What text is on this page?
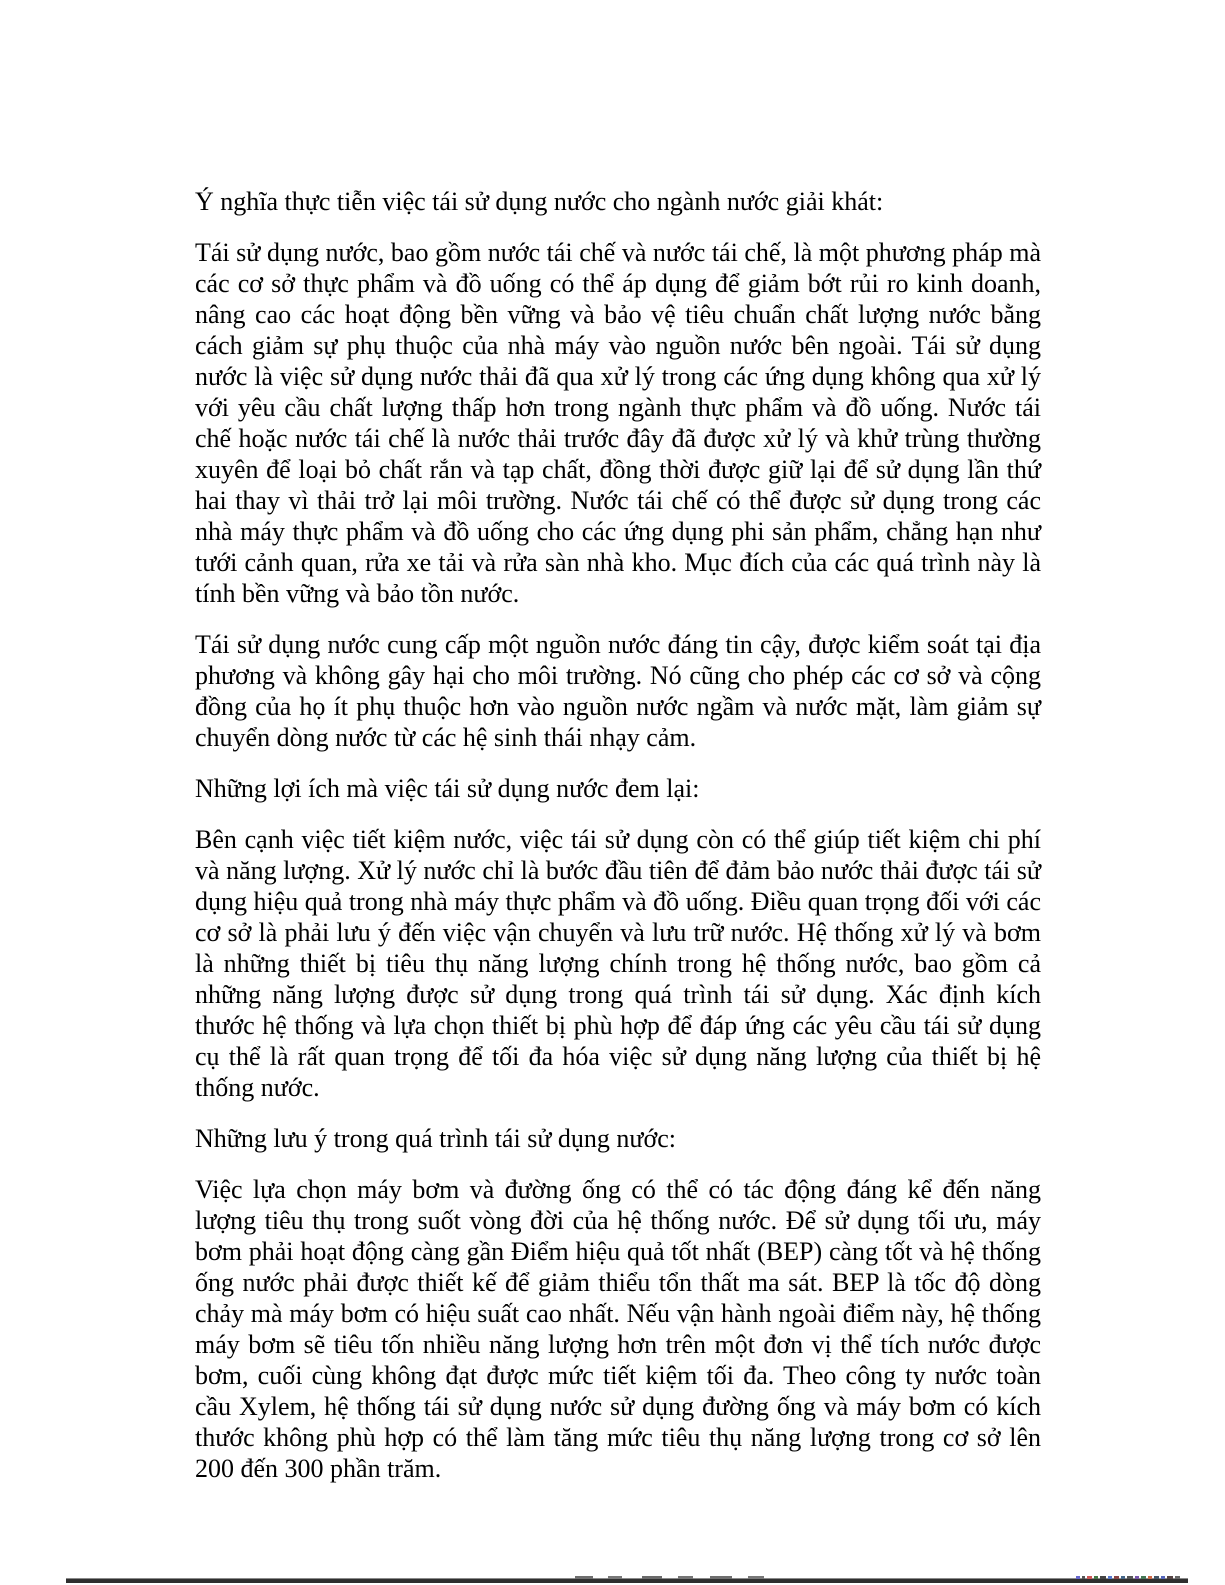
Ý nghĩa thực tiễn việc tái sử dụng nước cho ngành nước giải khát:

Tái sử dụng nước, bao gồm nước tái chế và nước tái chế, là một phương pháp mà các cơ sở thực phẩm và đồ uống có thể áp dụng để giảm bớt rủi ro kinh doanh, nâng cao các hoạt động bền vững và bảo vệ tiêu chuẩn chất lượng nước bằng cách giảm sự phụ thuộc của nhà máy vào nguồn nước bên ngoài. Tái sử dụng nước là việc sử dụng nước thải đã qua xử lý trong các ứng dụng không qua xử lý với yêu cầu chất lượng thấp hơn trong ngành thực phẩm và đồ uống. Nước tái chế hoặc nước tái chế là nước thải trước đây đã được xử lý và khử trùng thường xuyên để loại bỏ chất rắn và tạp chất, đồng thời được giữ lại để sử dụng lần thứ hai thay vì thải trở lại môi trường. Nước tái chế có thể được sử dụng trong các nhà máy thực phẩm và đồ uống cho các ứng dụng phi sản phẩm, chẳng hạn như tưới cảnh quan, rửa xe tải và rửa sàn nhà kho. Mục đích của các quá trình này là tính bền vững và bảo tồn nước.

Tái sử dụng nước cung cấp một nguồn nước đáng tin cậy, được kiểm soát tại địa phương và không gây hại cho môi trường. Nó cũng cho phép các cơ sở và cộng đồng của họ ít phụ thuộc hơn vào nguồn nước ngầm và nước mặt, làm giảm sự chuyển dòng nước từ các hệ sinh thái nhạy cảm.

Những lợi ích mà việc tái sử dụng nước đem lại:

Bên cạnh việc tiết kiệm nước, việc tái sử dụng còn có thể giúp tiết kiệm chi phí và năng lượng. Xử lý nước chỉ là bước đầu tiên để đảm bảo nước thải được tái sử dụng hiệu quả trong nhà máy thực phẩm và đồ uống. Điều quan trọng đối với các cơ sở là phải lưu ý đến việc vận chuyển và lưu trữ nước. Hệ thống xử lý và bơm là những thiết bị tiêu thụ năng lượng chính trong hệ thống nước, bao gồm cả những năng lượng được sử dụng trong quá trình tái sử dụng. Xác định kích thước hệ thống và lựa chọn thiết bị phù hợp để đáp ứng các yêu cầu tái sử dụng cụ thể là rất quan trọng để tối đa hóa việc sử dụng năng lượng của thiết bị hệ thống nước.

Những lưu ý trong quá trình tái sử dụng nước:

Việc lựa chọn máy bơm và đường ống có thể có tác động đáng kể đến năng lượng tiêu thụ trong suốt vòng đời của hệ thống nước. Để sử dụng tối ưu, máy bơm phải hoạt động càng gần Điểm hiệu quả tốt nhất (BEP) càng tốt và hệ thống ống nước phải được thiết kế để giảm thiểu tổn thất ma sát. BEP là tốc độ dòng chảy mà máy bơm có hiệu suất cao nhất. Nếu vận hành ngoài điểm này, hệ thống máy bơm sẽ tiêu tốn nhiều năng lượng hơn trên một đơn vị thể tích nước được bơm, cuối cùng không đạt được mức tiết kiệm tối đa. Theo công ty nước toàn cầu Xylem, hệ thống tái sử dụng nước sử dụng đường ống và máy bơm có kích thước không phù hợp có thể làm tăng mức tiêu thụ năng lượng trong cơ sở lên 200 đến 300 phần trăm.
